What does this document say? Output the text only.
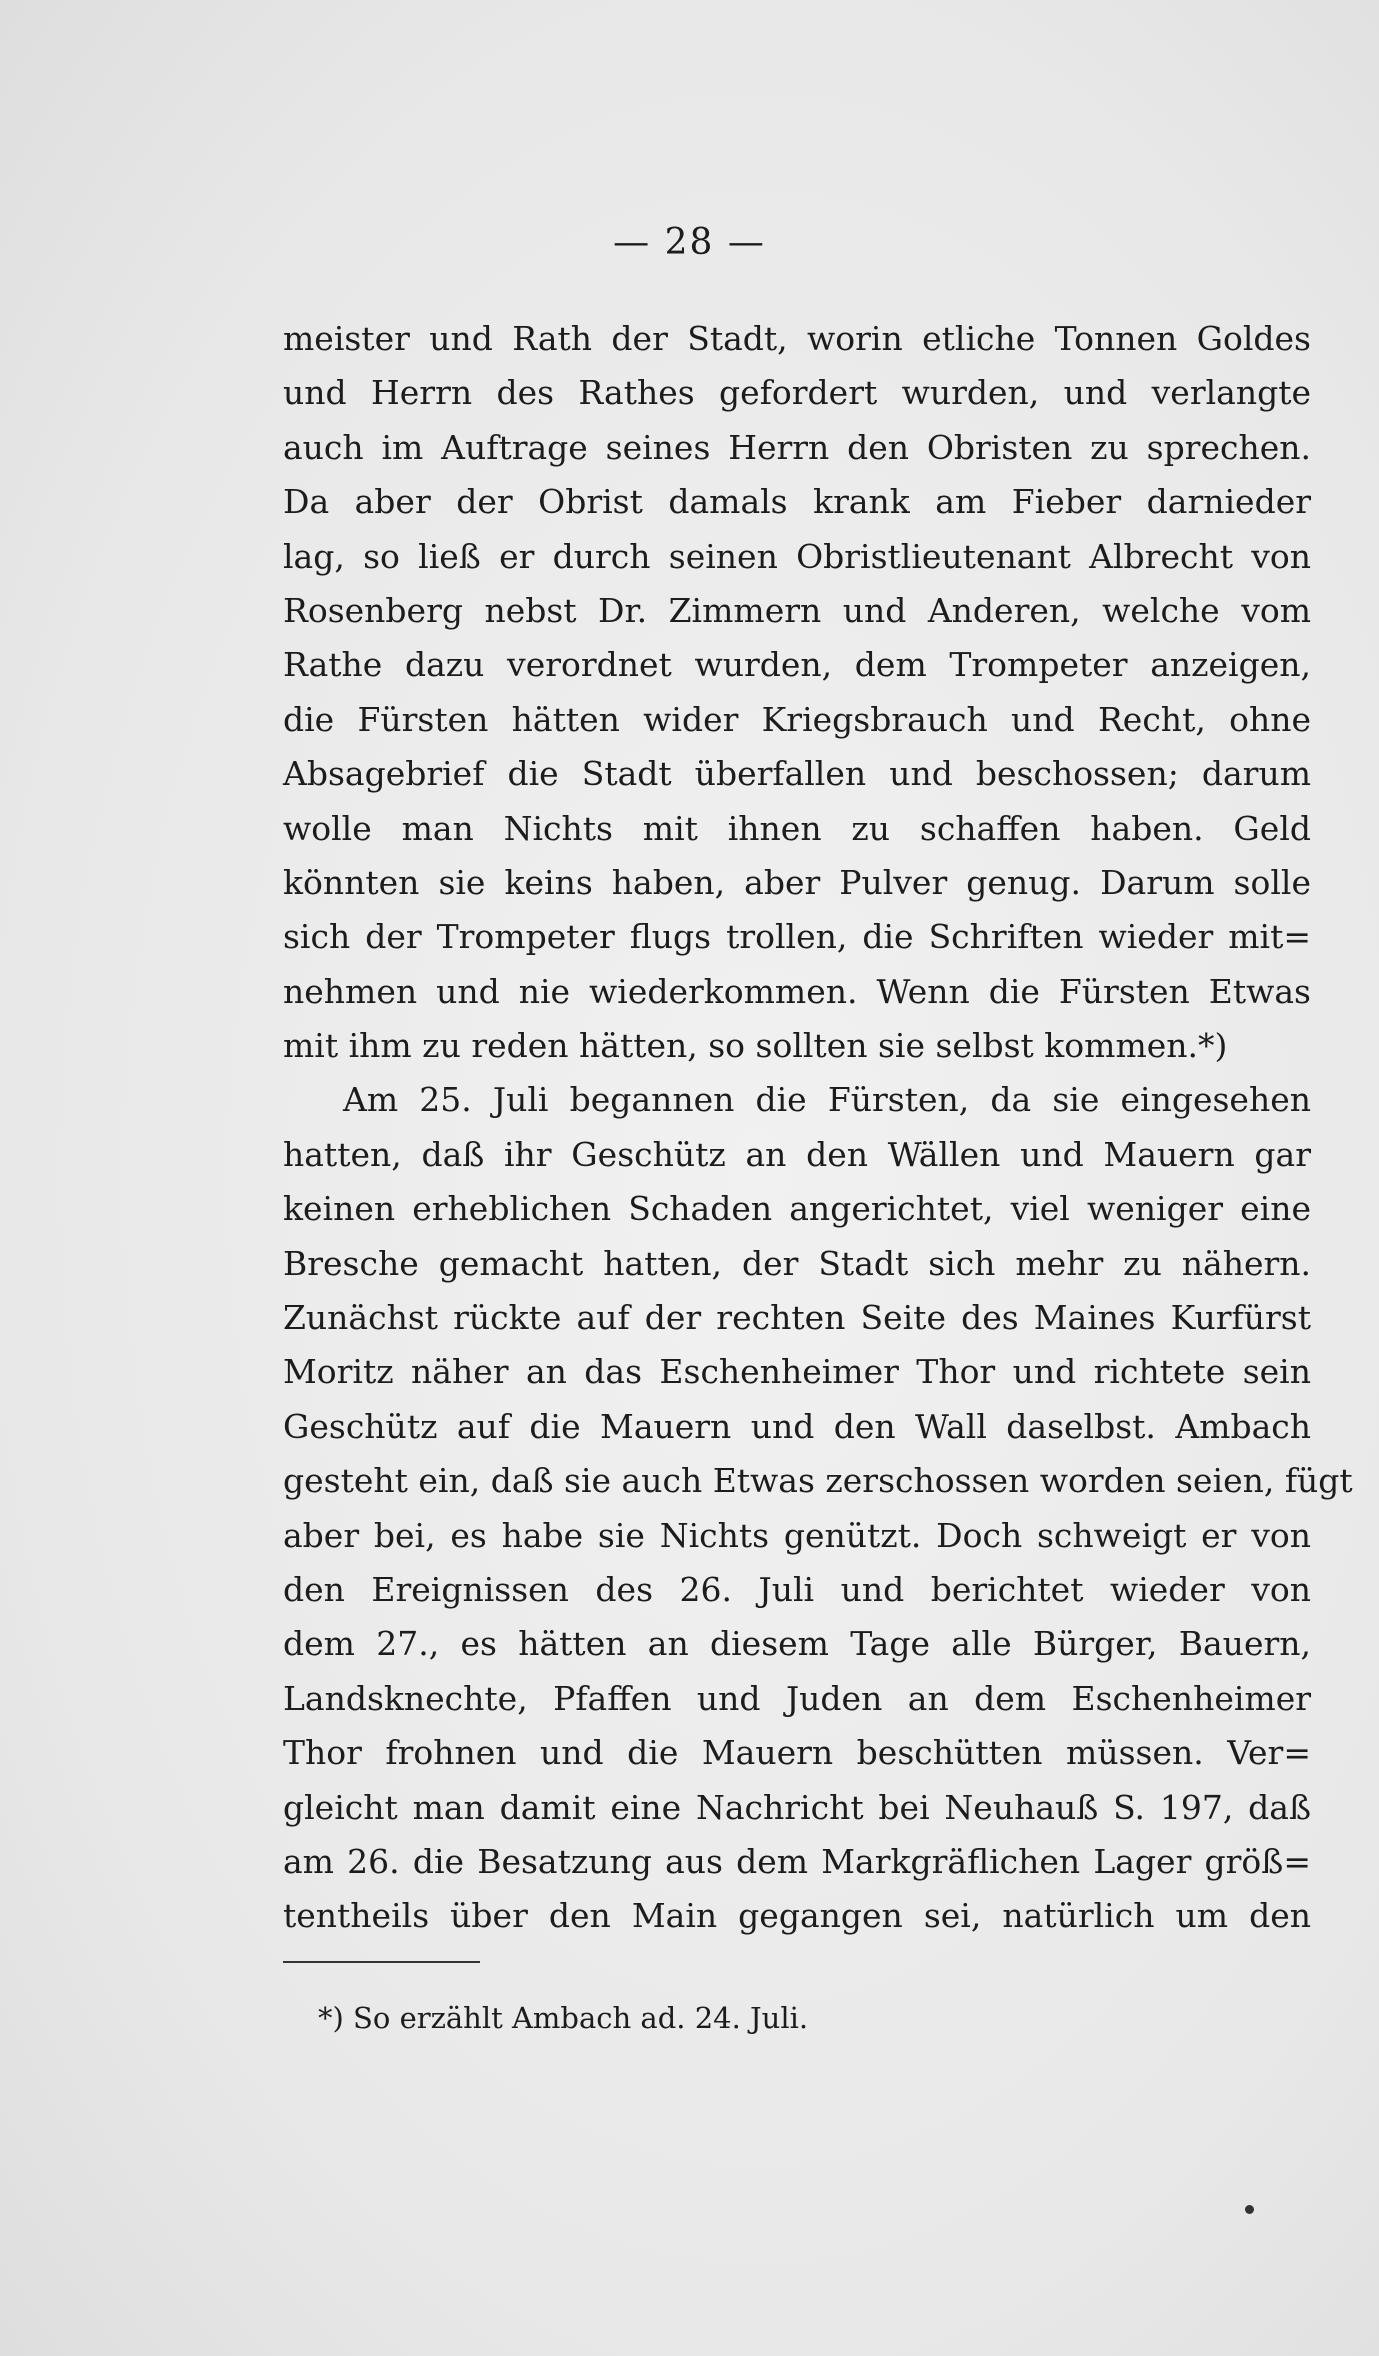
— 28 —
meister und Rath der Stadt, worin etliche Tonnen Goldes
und Herrn des Rathes gefordert wurden, und verlangte
auch im Auftrage seines Herrn den Obristen zu sprechen.
Da aber der Obrist damals krank am Fieber darnieder
lag, so ließ er durch seinen Obristlieutenant Albrecht von
Rosenberg nebst Dr. Zimmern und Anderen, welche vom
Rathe dazu verordnet wurden, dem Trompeter anzeigen,
die Fürsten hätten wider Kriegsbrauch und Recht, ohne
Absagebrief die Stadt überfallen und beschossen; darum
wolle man Nichts mit ihnen zu schaffen haben. Geld
könnten sie keins haben, aber Pulver genug. Darum solle
sich der Trompeter flugs trollen, die Schriften wieder mit=
nehmen und nie wiederkommen. Wenn die Fürsten Etwas
mit ihm zu reden hätten, so sollten sie selbst kommen.*)
Am 25. Juli begannen die Fürsten, da sie eingesehen
hatten, daß ihr Geschütz an den Wällen und Mauern gar
keinen erheblichen Schaden angerichtet, viel weniger eine
Bresche gemacht hatten, der Stadt sich mehr zu nähern.
Zunächst rückte auf der rechten Seite des Maines Kurfürst
Moritz näher an das Eschenheimer Thor und richtete sein
Geschütz auf die Mauern und den Wall daselbst. Ambach
gesteht ein, daß sie auch Etwas zerschossen worden seien, fügt
aber bei, es habe sie Nichts genützt. Doch schweigt er von
den Ereignissen des 26. Juli und berichtet wieder von
dem 27., es hätten an diesem Tage alle Bürger, Bauern,
Landsknechte, Pfaffen und Juden an dem Eschenheimer
Thor frohnen und die Mauern beschütten müssen. Ver=
gleicht man damit eine Nachricht bei Neuhauß S. 197, daß
am 26. die Besatzung aus dem Markgräflichen Lager größ=
tentheils über den Main gegangen sei, natürlich um den
*) So erzählt Ambach ad. 24. Juli.
